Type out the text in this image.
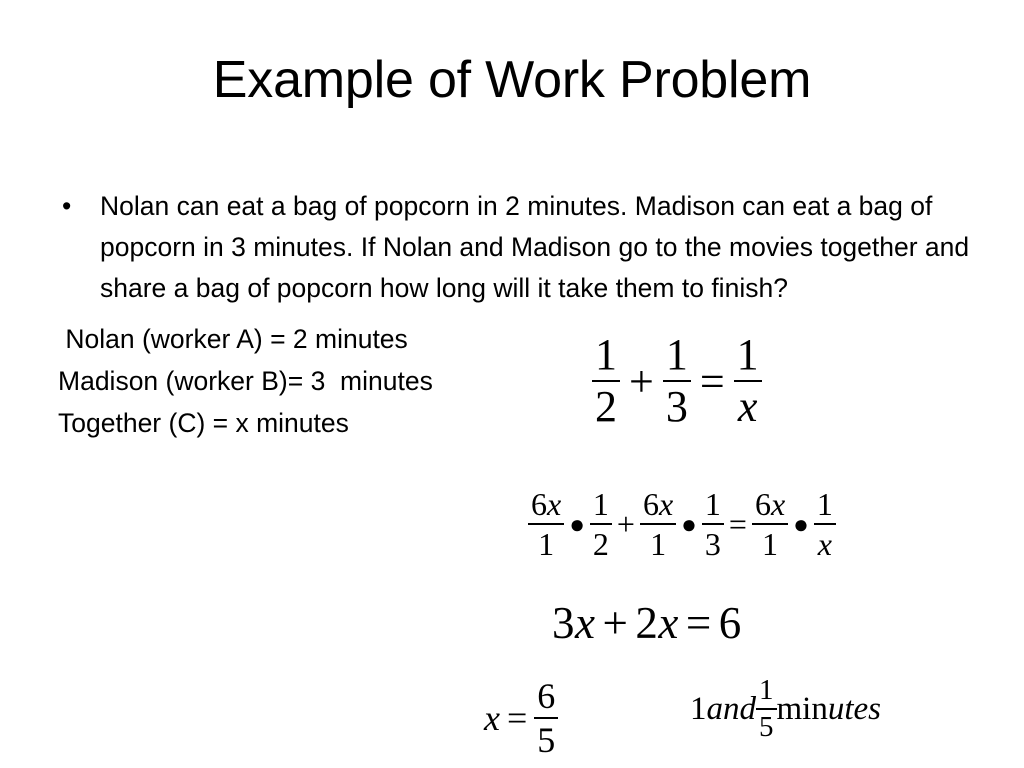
Example of Work Problem
• Nolan can eat a bag of popcorn in 2 minutes. Madison can eat a bag of popcorn in 3 minutes. If Nolan and Madison go to the movies together and share a bag of popcorn how long will it take them to finish?
Nolan (worker A) = 2 minutes
Madison (worker B)= 3  minutes
Together (C) = x minutes	$\frac{1}{2} + \frac{1}{3} = \frac{1}{x}$
$\frac{6x}{1}$ ● $\frac{1}{2} + \frac{6x}{1}$ ● $\frac{1}{3} = \frac{6x}{1}$ ● $\frac{1}{x}$
3 x + 2 x = 6
$x = \frac{6}{5}$	1 and $\frac{1}{5}$ min utes
